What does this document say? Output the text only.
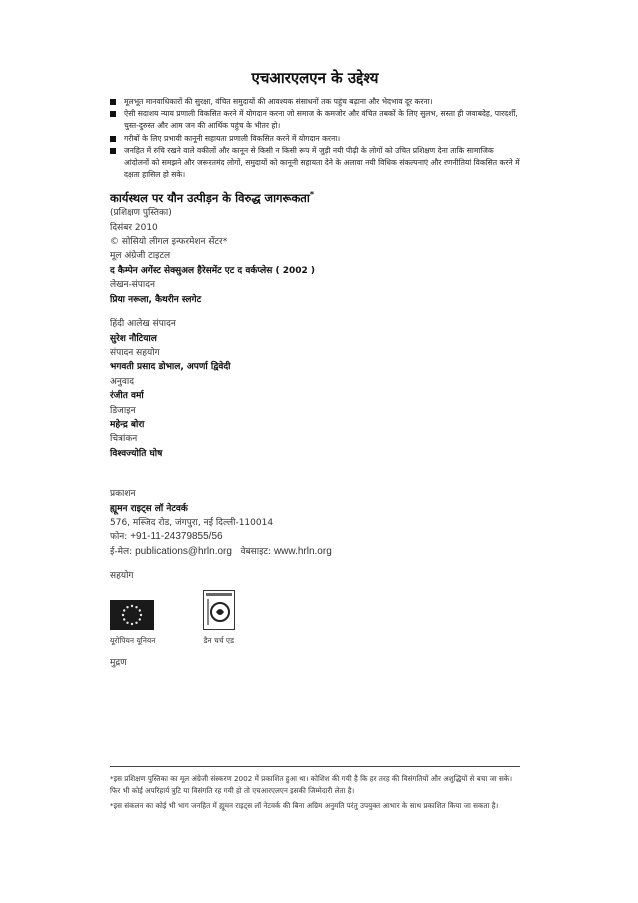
एचआरएलएन के उद्देश्य
मूलभूत मानवाधिकारों की सुरक्षा, वंचित समुदायों की आवश्यक संसाधनों तक पहुंच बढ़ाना और भेदभाव दूर करना।
ऐसी सदाशय न्याय प्रणाली विकसित करने में योगदान करना जो समाज के कमजोर और वंचित तबकों के लिए सुलभ, सस्ता ही जवाबदेह, पारदर्शी, चुस्त-दुरुस्त और आम जन की आर्थिक पहुंच के भीतर हो।
गरीबों के लिए प्रभावी कानूनी सहायता प्रणाली विकसित करने में योगदान करना।
जनहित में रुचि रखने वाले वकीलों और कानून से किसी न किसी रूप में जुड़ी नयी पीढ़ी के लोगों को उचित प्रशिक्षण देना ताकि सामाजिक आंदोलनों को समझने और जरूरतमंद लोगों, समुदायों को कानूनी सहायता देने के अलावा नयी विधिक संकल्पनाएं और रणनीतियां विकसित करने में दक्षता हासिल हो सके।
कार्यस्थल पर यौन उत्पीड़न के विरुद्ध जागरूकता*
(प्रशिक्षण पुस्तिका)
दिसंबर 2010
© सोसियो लीगल इन्फरमेशन सेंटर*
मूल अंग्रेजी टाइटल
द कैम्पेन अगेंस्ट सेक्सुअल हैरेसमेंट एट द वर्कप्लेस ( 2002 )
लेखन-संपादन
प्रिया नरूला, कैथरीन स्लगेट
हिंदी आलेख संपादन
सुरेश नौटियाल
संपादन सहयोग
भगवती प्रसाद डोभाल, अपर्णा द्विवेदी
अनुवाद
रंजीत वर्मा
डिजाइन
महेन्द्र बोरा
चित्रांकन
विश्वज्योति घोष
प्रकाशन
ह्यूमन राइट्स लॉ नेटवर्क
576, मस्जिद रोड, जंगपुरा, नई दिल्ली-110014
फोन: +91-11-24379855/56
ई-मेल: publications@hrln.org वेबसाइट: www.hrln.org
सहयोग
यूरोपियन यूनियन	डैन चर्च एड
मुद्रण

*इस प्रशिक्षण पुस्तिका का मूल अंग्रेजी संस्करण 2002 में प्रकाशित हुआ था। कोशिश की गयी है कि हर तरह की विसंगतियों और अशुद्धियों से बचा जा सके। फिर भी कोई अपरिहार्य त्रुटि या विसंगति रह गयी हो तो एचआरएलएन इसकी जिम्मेदारी लेता है।

*इस संकलन का कोई भी भाग जनहित में ह्यूमन राइट्स लॉ नेटवर्क की बिना अग्रिम अनुमति परंतु उपयुक्त आभार के साथ प्रकाशित किया जा सकता है।
